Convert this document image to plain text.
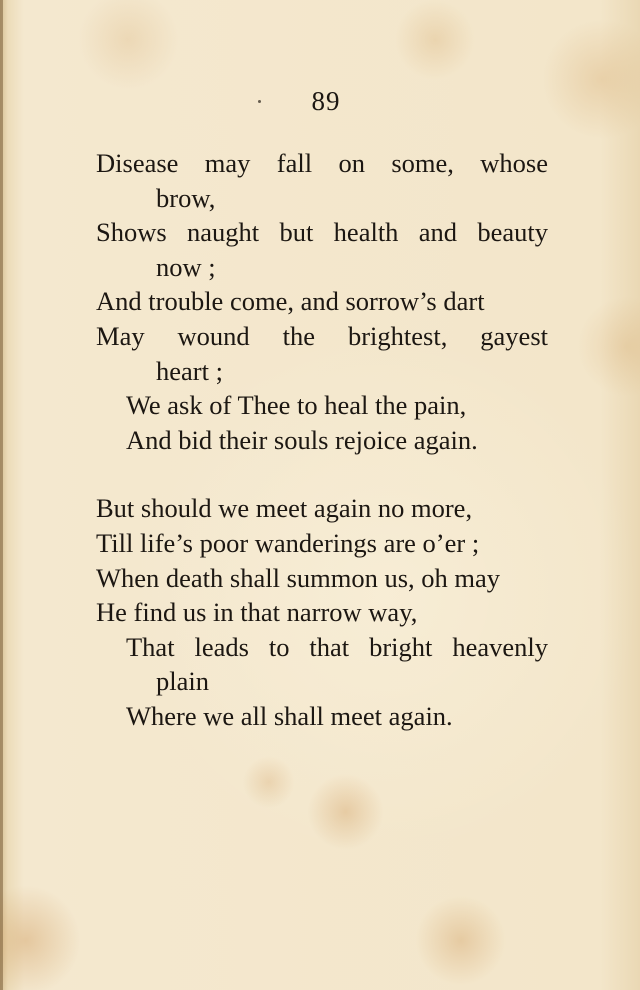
89
Disease may fall on some, whose
brow,
Shows naught but health and beauty
now ;
And trouble come, and sorrow’s dart
May wound the brightest, gayest
heart ;
We ask of Thee to heal the pain,
And bid their souls rejoice again.
But should we meet again no more,
Till life’s poor wanderings are o’er ;
When death shall summon us, oh may
He find us in that narrow way,
That leads to that bright heavenly
plain
Where we all shall meet again.
